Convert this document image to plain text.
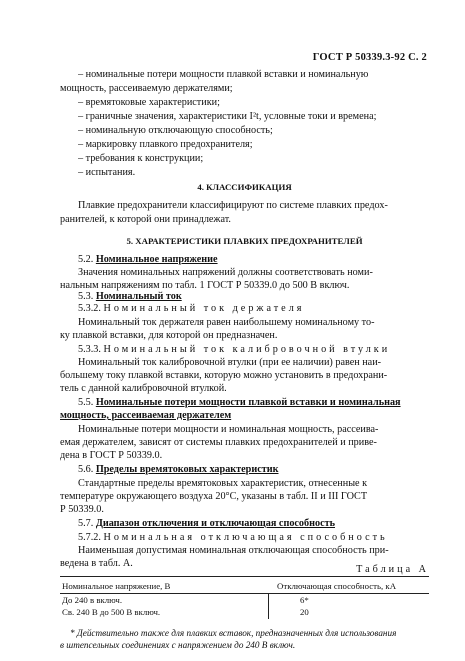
ГОСТ Р 50339.3-92 С. 2
– номинальные потери мощности плавкой вставки и номинальную
мощность, рассеиваемую держателями;
– времятоковые характеристики;
– граничные значения, характеристики I²t, условные токи и времена;
– номинальную отключающую способность;
– маркировку плавкого предохранителя;
– требования к конструкции;
– испытания.
4. КЛАССИФИКАЦИЯ
Плавкие предохранители классифицируют по системе плавких предох-
ранителей, к которой они принадлежат.
5. ХАРАКТЕРИСТИКИ ПЛАВКИХ ПРЕДОХРАНИТЕЛЕЙ
5.2. Номинальное напряжение
Значения номинальных напряжений должны соответствовать номи-
нальным напряжениям по табл. 1 ГОСТ Р 50339.0 до 500 В включ.
5.3. Номинальный ток
5.3.2. Номинальный ток держателя
Номинальный ток держателя равен наибольшему номинальному то-
ку плавкой вставки, для которой он предназначен.
5.3.3. Номинальный ток калибровочной втулки
Номинальный ток калибровочной втулки (при ее наличии) равен наи-
большему току плавкой вставки, которую можно установить в предохрани-
тель с данной калибровочной втулкой.
5.5. Номинальные потери мощности плавкой вставки и номинальная
мощность, рассеиваемая держателем
Номинальные потери мощности и номинальная мощность, рассеива-
емая держателем, зависят от системы плавких предохранителей и приве-
дена в ГОСТ Р 50339.0.
5.6. Пределы времятоковых характеристик
Стандартные пределы времятоковых характеристик, отнесенные к
температуре окружающего воздуха 20°С, указаны в табл. II и III ГОСТ
Р 50339.0.
5.7. Диапазон отключения и отключающая способность
5.7.2. Номинальная отключающая способность
Наименьшая допустимая номинальная отключающая способность при-
ведена в табл. А.
Таблица А
Номинальное напряжение, В	Отключающая способность, кА
До 240 в включ.	6*
Св. 240 В до 500 В включ.	20
* Действительно также для плавких вставок, предназначенных для использования
в штепсельных соединениях с напряжением до 240 В включ.
